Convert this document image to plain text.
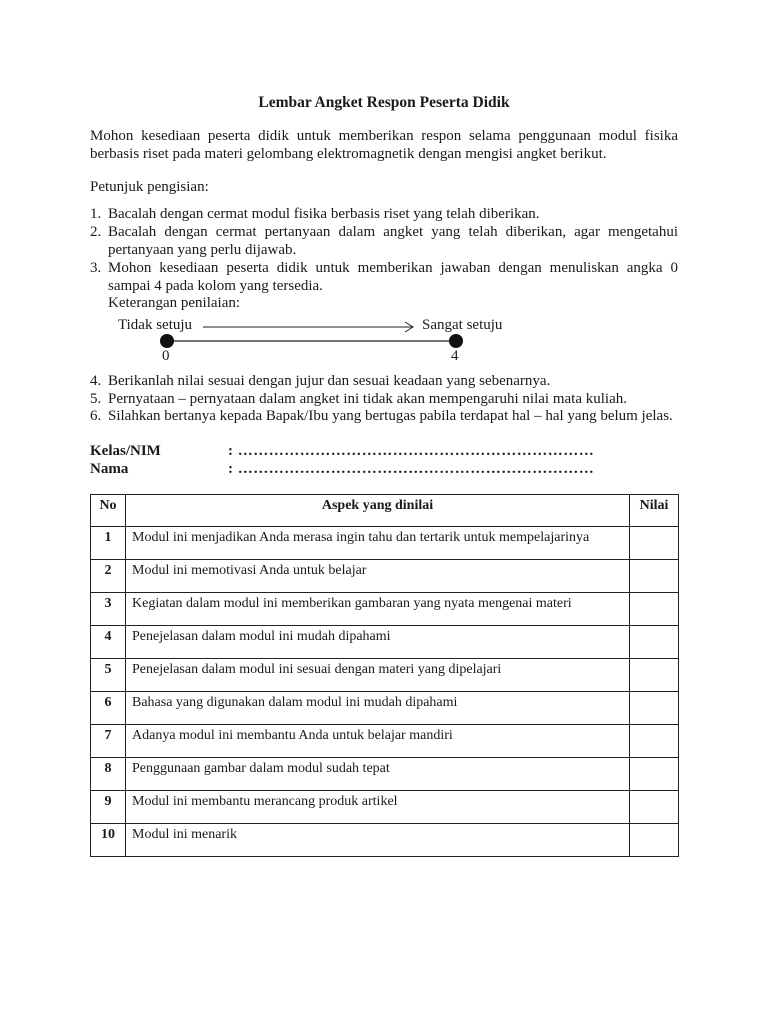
Lembar Angket Respon Peserta Didik
Mohon kesediaan peserta didik untuk memberikan respon selama penggunaan modul fisika berbasis riset pada materi gelombang elektromagnetik dengan mengisi angket berikut.
Petunjuk pengisian:
1. Bacalah dengan cermat modul fisika berbasis riset yang telah diberikan.
2. Bacalah dengan cermat pertanyaan dalam angket yang telah diberikan, agar mengetahui pertanyaan yang perlu dijawab.
3. Mohon kesediaan peserta didik untuk memberikan jawaban dengan menuliskan angka 0 sampai 4 pada kolom yang tersedia.
Keterangan penilaian:
Tidak setuju	Sangat setuju
0	4
4. Berikanlah nilai sesuai dengan jujur dan sesuai keadaan yang sebenarnya.
5. Pernyataan – pernyataan dalam angket ini tidak akan mempengaruhi nilai mata kuliah.
6. Silahkan bertanya kepada Bapak/Ibu yang bertugas pabila terdapat hal – hal yang belum jelas.
Kelas/NIM	: ……………………………………………………………
Nama	: ……………………………………………………………
No	Aspek yang dinilai	Nilai
1	Modul ini menjadikan Anda merasa ingin tahu dan tertarik untuk mempelajarinya	
2	Modul ini memotivasi Anda untuk belajar	
3	Kegiatan dalam modul ini memberikan gambaran yang nyata mengenai materi	
4	Penejelasan dalam modul ini mudah dipahami	
5	Penejelasan dalam modul ini sesuai dengan materi yang dipelajari	
6	Bahasa yang digunakan dalam modul ini mudah dipahami	
7	Adanya modul ini membantu Anda untuk belajar mandiri	
8	Penggunaan gambar dalam modul sudah tepat	
9	Modul ini membantu merancang produk artikel	
10	Modul ini menarik	
